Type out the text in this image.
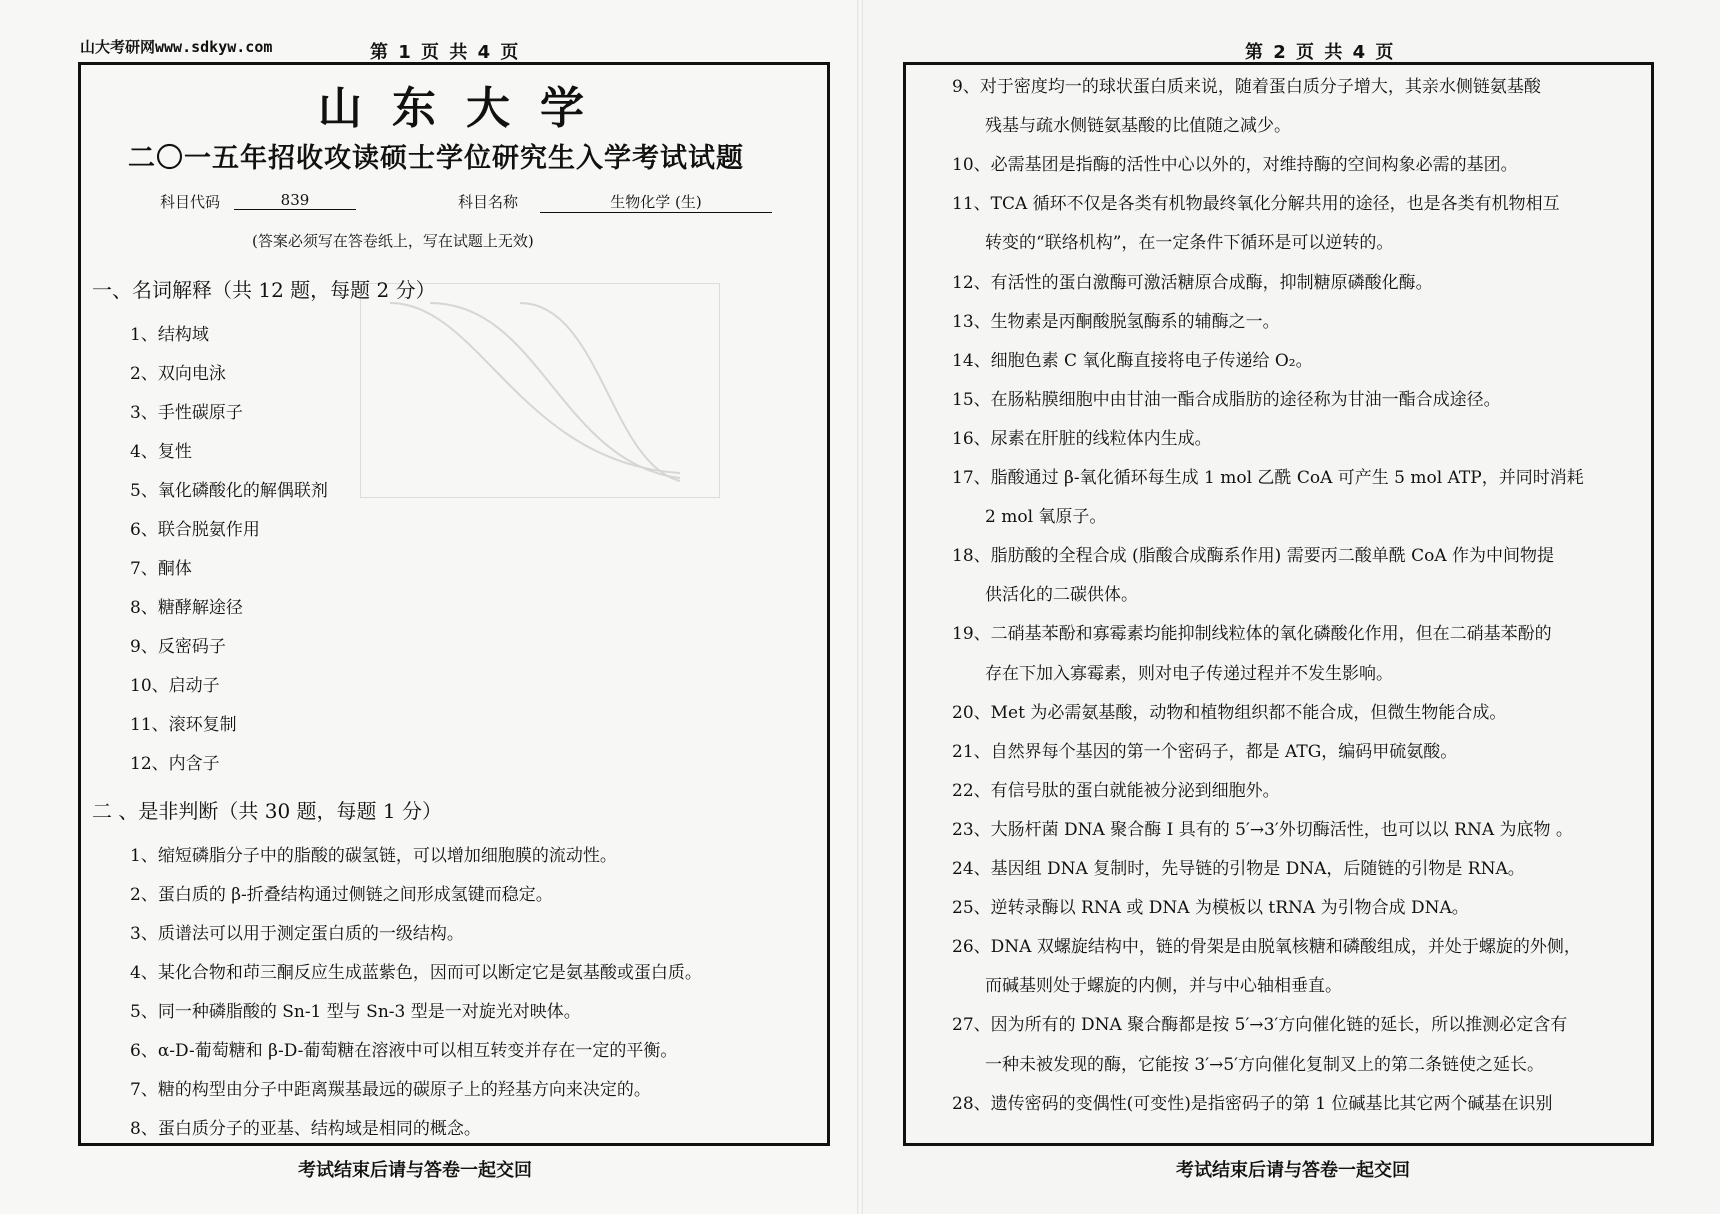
山大考研网www.sdkyw.com	第 1 页 共 4 页
山东大学
二〇一五年招收攻读硕士学位研究生入学考试试题
科目代码	839	科目名称	生物化学 (生)
(答案必须写在答卷纸上，写在试题上无效)
一、名词解释（共 12 题，每题 2 分）
1、结构域
2、双向电泳
3、手性碳原子
4、复性
5、氧化磷酸化的解偶联剂
6、联合脱氨作用
7、酮体
8、糖酵解途径
9、反密码子
10、启动子
11、滚环复制
12、内含子
二 、是非判断（共 30 题，每题 1 分）
1、缩短磷脂分子中的脂酸的碳氢链，可以增加细胞膜的流动性。
2、蛋白质的 β-折叠结构通过侧链之间形成氢键而稳定。
3、质谱法可以用于测定蛋白质的一级结构。
4、某化合物和茚三酮反应生成蓝紫色，因而可以断定它是氨基酸或蛋白质。
5、同一种磷脂酸的 Sn-1 型与 Sn-3 型是一对旋光对映体。
6、α-D-葡萄糖和 β-D-葡萄糖在溶液中可以相互转变并存在一定的平衡。
7、糖的构型由分子中距离羰基最远的碳原子上的羟基方向来决定的。
8、蛋白质分子的亚基、结构域是相同的概念。
考试结束后请与答卷一起交回
第 2 页 共 4 页
9、对于密度均一的球状蛋白质来说，随着蛋白质分子增大，其亲水侧链氨基酸
残基与疏水侧链氨基酸的比值随之减少。
10、必需基团是指酶的活性中心以外的，对维持酶的空间构象必需的基团。
11、TCA 循环不仅是各类有机物最终氧化分解共用的途径，也是各类有机物相互
转变的“联络机构”，在一定条件下循环是可以逆转的。
12、有活性的蛋白激酶可激活糖原合成酶，抑制糖原磷酸化酶。
13、生物素是丙酮酸脱氢酶系的辅酶之一。
14、细胞色素 C 氧化酶直接将电子传递给 O₂。
15、在肠粘膜细胞中由甘油一酯合成脂肪的途径称为甘油一酯合成途径。
16、尿素在肝脏的线粒体内生成。
17、脂酸通过 β-氧化循环每生成 1 mol 乙酰 CoA 可产生 5 mol ATP，并同时消耗
2 mol 氧原子。
18、脂肪酸的全程合成 (脂酸合成酶系作用) 需要丙二酸单酰 CoA 作为中间物提
供活化的二碳供体。
19、二硝基苯酚和寡霉素均能抑制线粒体的氧化磷酸化作用，但在二硝基苯酚的
存在下加入寡霉素，则对电子传递过程并不发生影响。
20、Met 为必需氨基酸，动物和植物组织都不能合成，但微生物能合成。
21、自然界每个基因的第一个密码子，都是 ATG，编码甲硫氨酸。
22、有信号肽的蛋白就能被分泌到细胞外。
23、大肠杆菌 DNA 聚合酶 I 具有的 5′→3′外切酶活性，也可以以 RNA 为底物 。
24、基因组 DNA 复制时，先导链的引物是 DNA，后随链的引物是 RNA。
25、逆转录酶以 RNA 或 DNA 为模板以 tRNA 为引物合成 DNA。
26、DNA 双螺旋结构中，链的骨架是由脱氧核糖和磷酸组成，并处于螺旋的外侧，
而碱基则处于螺旋的内侧，并与中心轴相垂直。
27、因为所有的 DNA 聚合酶都是按 5′→3′方向催化链的延长，所以推测必定含有
一种未被发现的酶，它能按 3′→5′方向催化复制叉上的第二条链使之延长。
28、遗传密码的变偶性(可变性)是指密码子的第 1 位碱基比其它两个碱基在识别
考试结束后请与答卷一起交回
